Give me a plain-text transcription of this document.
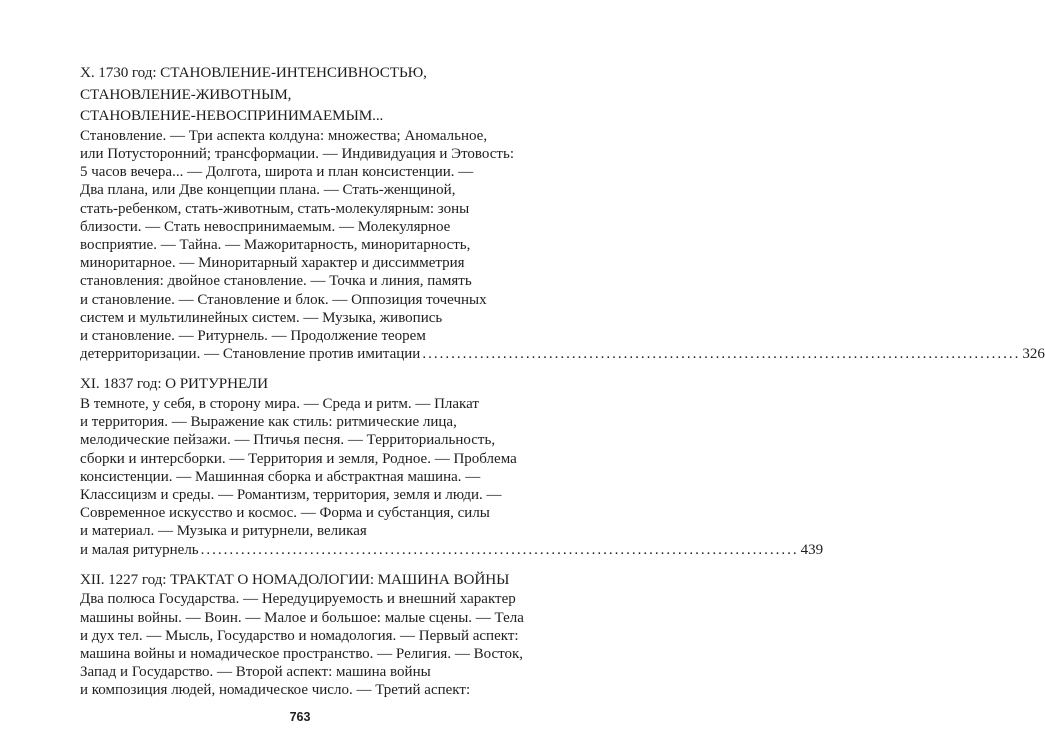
X. 1730 год: СТАНОВЛЕНИЕ-ИНТЕНСИВНОСТЬЮ,
СТАНОВЛЕНИЕ-ЖИВОТНЫМ,
СТАНОВЛЕНИЕ-НЕВОСПРИНИМАЕМЫМ...
Становление. — Три аспекта колдуна: множества; Аномальное,
или Потусторонний; трансформации. — Индивидуация и Этовость:
5 часов вечера... — Долгота, широта и план консистенции. —
Два плана, или Две концепции плана. — Стать-женщиной,
стать-ребенком, стать-животным, стать-молекулярным: зоны
близости. — Стать невоспринимаемым. — Молекулярное
восприятие. — Тайна. — Мажоритарность, миноритарность,
миноритарное. — Миноритарный характер и диссимметрия
становления: двойное становление. — Точка и линия, память
и становление. — Становление и блок. — Оппозиция точечных
систем и мультилинейных систем. — Музыка, живопись
и становление. — Ритурнель. — Продолжение теорем
детерриторизации. — Становление против имитации ........................................................................................................ 326
XI. 1837 год: О РИТУРНЕЛИ
В темноте, у себя, в сторону мира. — Среда и ритм. — Плакат
и территория. — Выражение как стиль: ритмические лица,
мелодические пейзажи. — Птичья песня. — Территориальность,
сборки и интерсборки. — Территория и земля, Родное. — Проблема
консистенции. — Машинная сборка и абстрактная машина. —
Классицизм и среды. — Романтизм, территория, земля и люди. —
Современное искусство и космос. — Форма и субстанция, силы
и материал. — Музыка и ритурнели, великая
и малая ритурнель ........................................................................................................ 439
XII. 1227 год: ТРАКТАТ О НОМАДОЛОГИИ: МАШИНА ВОЙНЫ
Два полюса Государства. — Нередуцируемость и внешний характер
машины войны. — Воин. — Малое и большое: малые сцены. — Тела
и дух тел. — Мысль, Государство и номадология. — Первый аспект:
машина войны и номадическое пространство. — Религия. — Восток,
Запад и Государство. — Второй аспект: машина войны
и композиция людей, номадическое число. — Третий аспект:
763
